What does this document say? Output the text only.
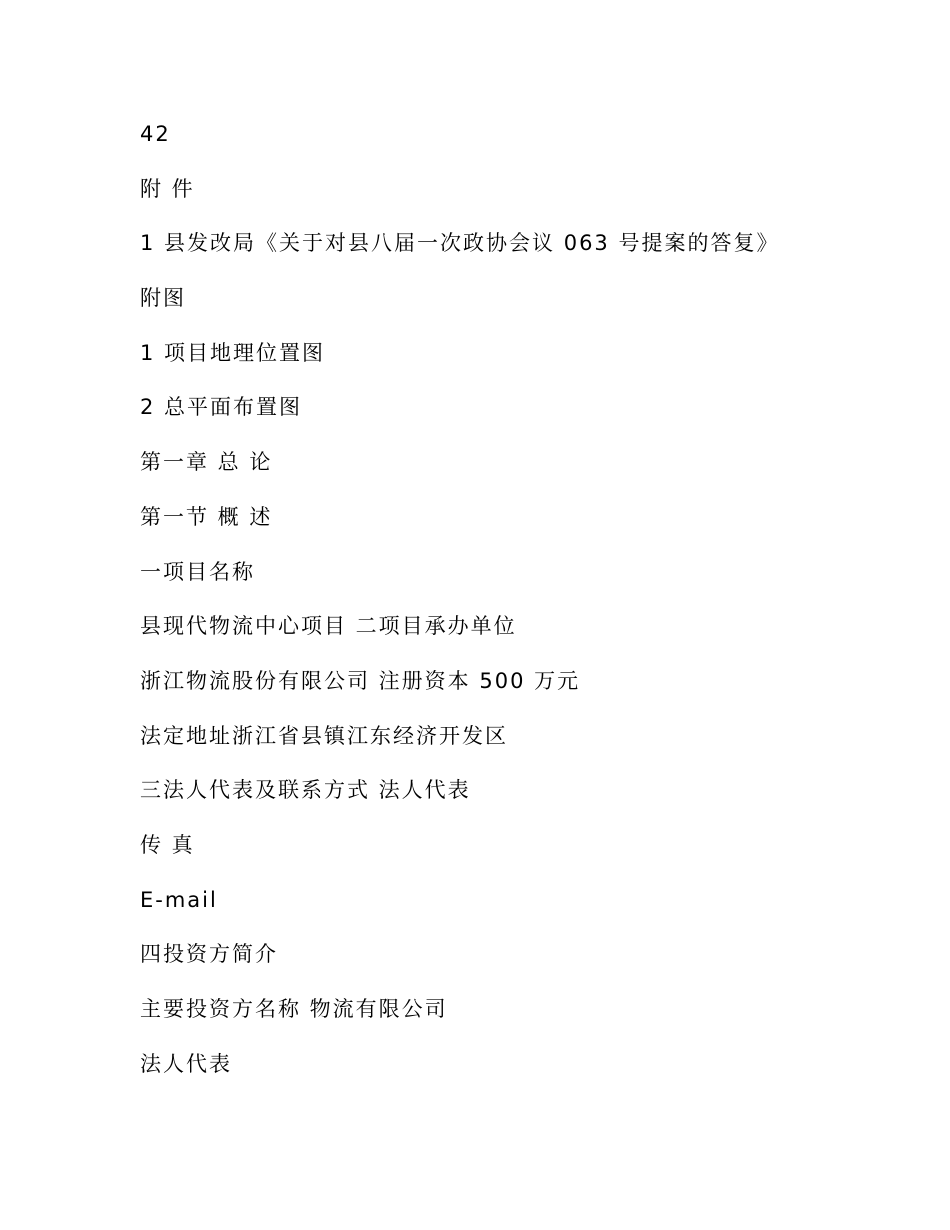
42
附 件
1 县发改局《关于对县八届一次政协会议 063 号提案的答复》
附图
1 项目地理位置图
2 总平面布置图
第一章 总 论
第一节 概 述
一项目名称
县现代物流中心项目 二项目承办单位
浙江物流股份有限公司 注册资本 500 万元
法定地址浙江省县镇江东经济开发区
三法人代表及联系方式 法人代表
传 真
E-mail
四投资方简介
主要投资方名称 物流有限公司
法人代表
